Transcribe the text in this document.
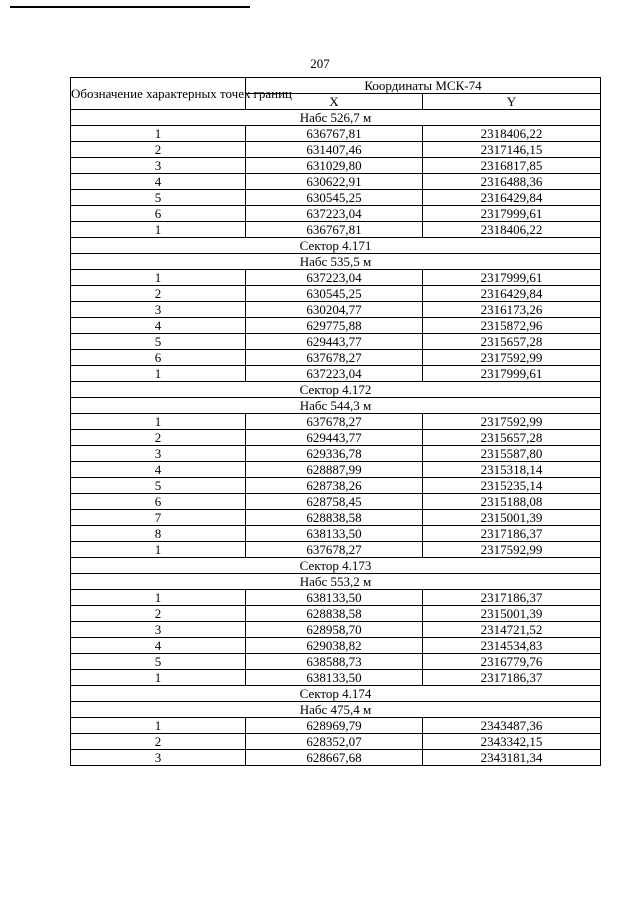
207
Обозначение характерных точек границ	Координаты МСК-74	
	X	Y
Набс 526,7 м		
1	636767,81	2318406,22
2	631407,46	2317146,15
3	631029,80	2316817,85
4	630622,91	2316488,36
5	630545,25	2316429,84
6	637223,04	2317999,61
1	636767,81	2318406,22
Сектор 4.171		
Набс 535,5 м		
1	637223,04	2317999,61
2	630545,25	2316429,84
3	630204,77	2316173,26
4	629775,88	2315872,96
5	629443,77	2315657,28
6	637678,27	2317592,99
1	637223,04	2317999,61
Сектор 4.172		
Набс 544,3 м		
1	637678,27	2317592,99
2	629443,77	2315657,28
3	629336,78	2315587,80
4	628887,99	2315318,14
5	628738,26	2315235,14
6	628758,45	2315188,08
7	628838,58	2315001,39
8	638133,50	2317186,37
1	637678,27	2317592,99
Сектор 4.173		
Набс 553,2 м		
1	638133,50	2317186,37
2	628838,58	2315001,39
3	628958,70	2314721,52
4	629038,82	2314534,83
5	638588,73	2316779,76
1	638133,50	2317186,37
Сектор 4.174		
Набс 475,4 м		
1	628969,79	2343487,36
2	628352,07	2343342,15
3	628667,68	2343181,34
